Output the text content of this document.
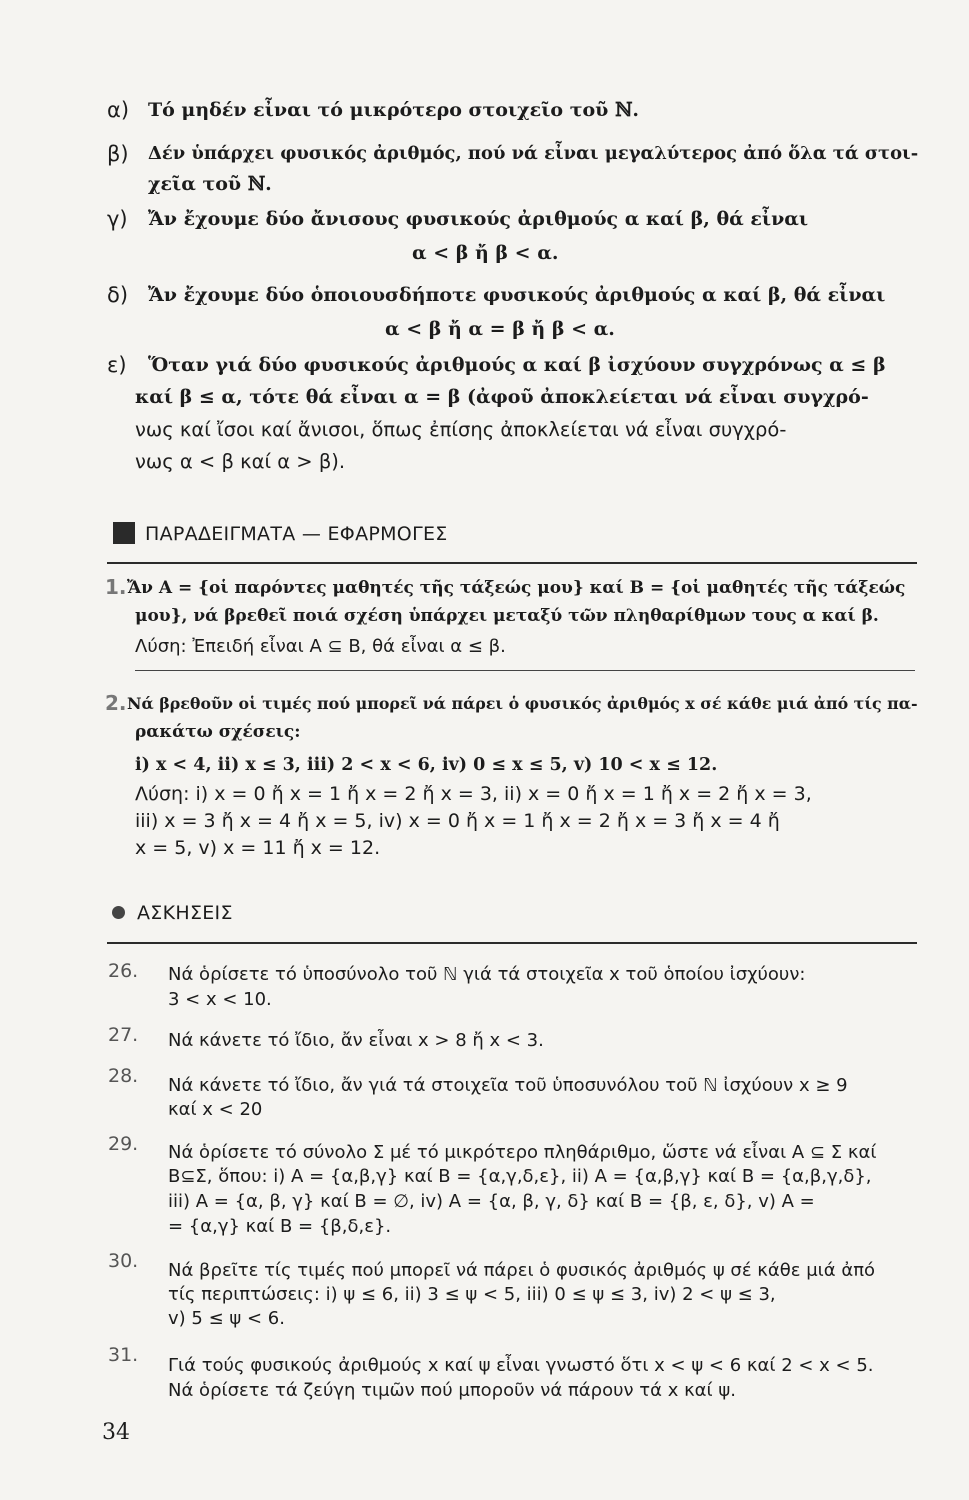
α) Τό μηδέν εἶναι τό μικρότερο στοιχεῖο τοῦ ℕ.
β) Δέν ὑπάρχει φυσικός ἀριθμός, πού νά εἶναι μεγαλύτερος ἀπό ὅλα τά στοι-
χεῖα τοῦ ℕ.
γ) Ἄν ἔχουμε δύο ἄνισους φυσικούς ἀριθμούς α καί β, θά εἶναι
α < β ἤ β < α.
δ) Ἄν ἔχουμε δύο ὁποιουσδήποτε φυσικούς ἀριθμούς α καί β, θά εἶναι
α < β ἤ α = β ἤ β < α.
ε) Ὅταν γιά δύο φυσικούς ἀριθμούς α καί β ἰσχύουν συγχρόνως α ≤ β
καί β ≤ α, τότε θά εἶναι α = β (ἀφοῦ ἀποκλείεται νά εἶναι συγχρό-
νως καί ἴσοι καί ἄνισοι, ὅπως ἐπίσης ἀποκλείεται νά εἶναι συγχρό-
νως α < β καί α > β).
ΠΑΡΑΔΕΙΓΜΑΤΑ — ΕΦΑΡΜΟΓΕΣ
1. Ἄν A = {οἱ παρόντες μαθητές τῆς τάξεώς μου} καί B = {οἱ μαθητές τῆς τάξεώς
μου}, νά βρεθεῖ ποιά σχέση ὑπάρχει μεταξύ τῶν πληθαρίθμων τους α καί β.
Λύση: Ἐπειδή εἶναι A ⊆ B, θά εἶναι α ≤ β.
2. Νά βρεθοῦν οἱ τιμές πού μπορεῖ νά πάρει ὁ φυσικός ἀριθμός x σέ κάθε μιά ἀπό τίς πα-
ρακάτω σχέσεις:
i) x < 4, ii) x ≤ 3, iii) 2 < x < 6, iv) 0 ≤ x ≤ 5, v) 10 < x ≤ 12.
Λύση: i) x = 0 ἤ x = 1 ἤ x = 2 ἤ x = 3, ii) x = 0 ἤ x = 1 ἤ x = 2 ἤ x = 3,
iii) x = 3 ἤ x = 4 ἤ x = 5, iv) x = 0 ἤ x = 1 ἤ x = 2 ἤ x = 3 ἤ x = 4 ἤ
x = 5, v) x = 11 ἤ x = 12.
ΑΣΚΗΣΕΙΣ
26. Νά ὁρίσετε τό ὑποσύνολο τοῦ ℕ γιά τά στοιχεῖα x τοῦ ὁποίου ἰσχύουν:
3 < x < 10.
27. Νά κάνετε τό ἴδιο, ἄν εἶναι x > 8 ἤ x < 3.
28. Νά κάνετε τό ἴδιο, ἄν γιά τά στοιχεῖα τοῦ ὑποσυνόλου τοῦ ℕ ἰσχύουν x ≥ 9
καί x < 20
29. Νά ὁρίσετε τό σύνολο Σ μέ τό μικρότερο πληθάριθμο, ὥστε νά εἶναι A ⊆ Σ καί
B⊆Σ, ὅπου: i) A = {α,β,γ} καί B = {α,γ,δ,ε}, ii) A = {α,β,γ} καί B = {α,β,γ,δ},
iii) A = {α, β, γ} καί B = ∅, iv) A = {α, β, γ, δ} καί B = {β, ε, δ}, v) A =
= {α,γ} καί B = {β,δ,ε}.
30. Νά βρεῖτε τίς τιμές πού μπορεῖ νά πάρει ὁ φυσικός ἀριθμός ψ σέ κάθε μιά ἀπό
τίς περιπτώσεις: i) ψ ≤ 6, ii) 3 ≤ ψ < 5, iii) 0 ≤ ψ ≤ 3, iv) 2 < ψ ≤ 3,
v) 5 ≤ ψ < 6.
31. Γιά τούς φυσικούς ἀριθμούς x καί ψ εἶναι γνωστό ὅτι x < ψ < 6 καί 2 < x < 5.
Νά ὁρίσετε τά ζεύγη τιμῶν πού μποροῦν νά πάρουν τά x καί ψ.
34
